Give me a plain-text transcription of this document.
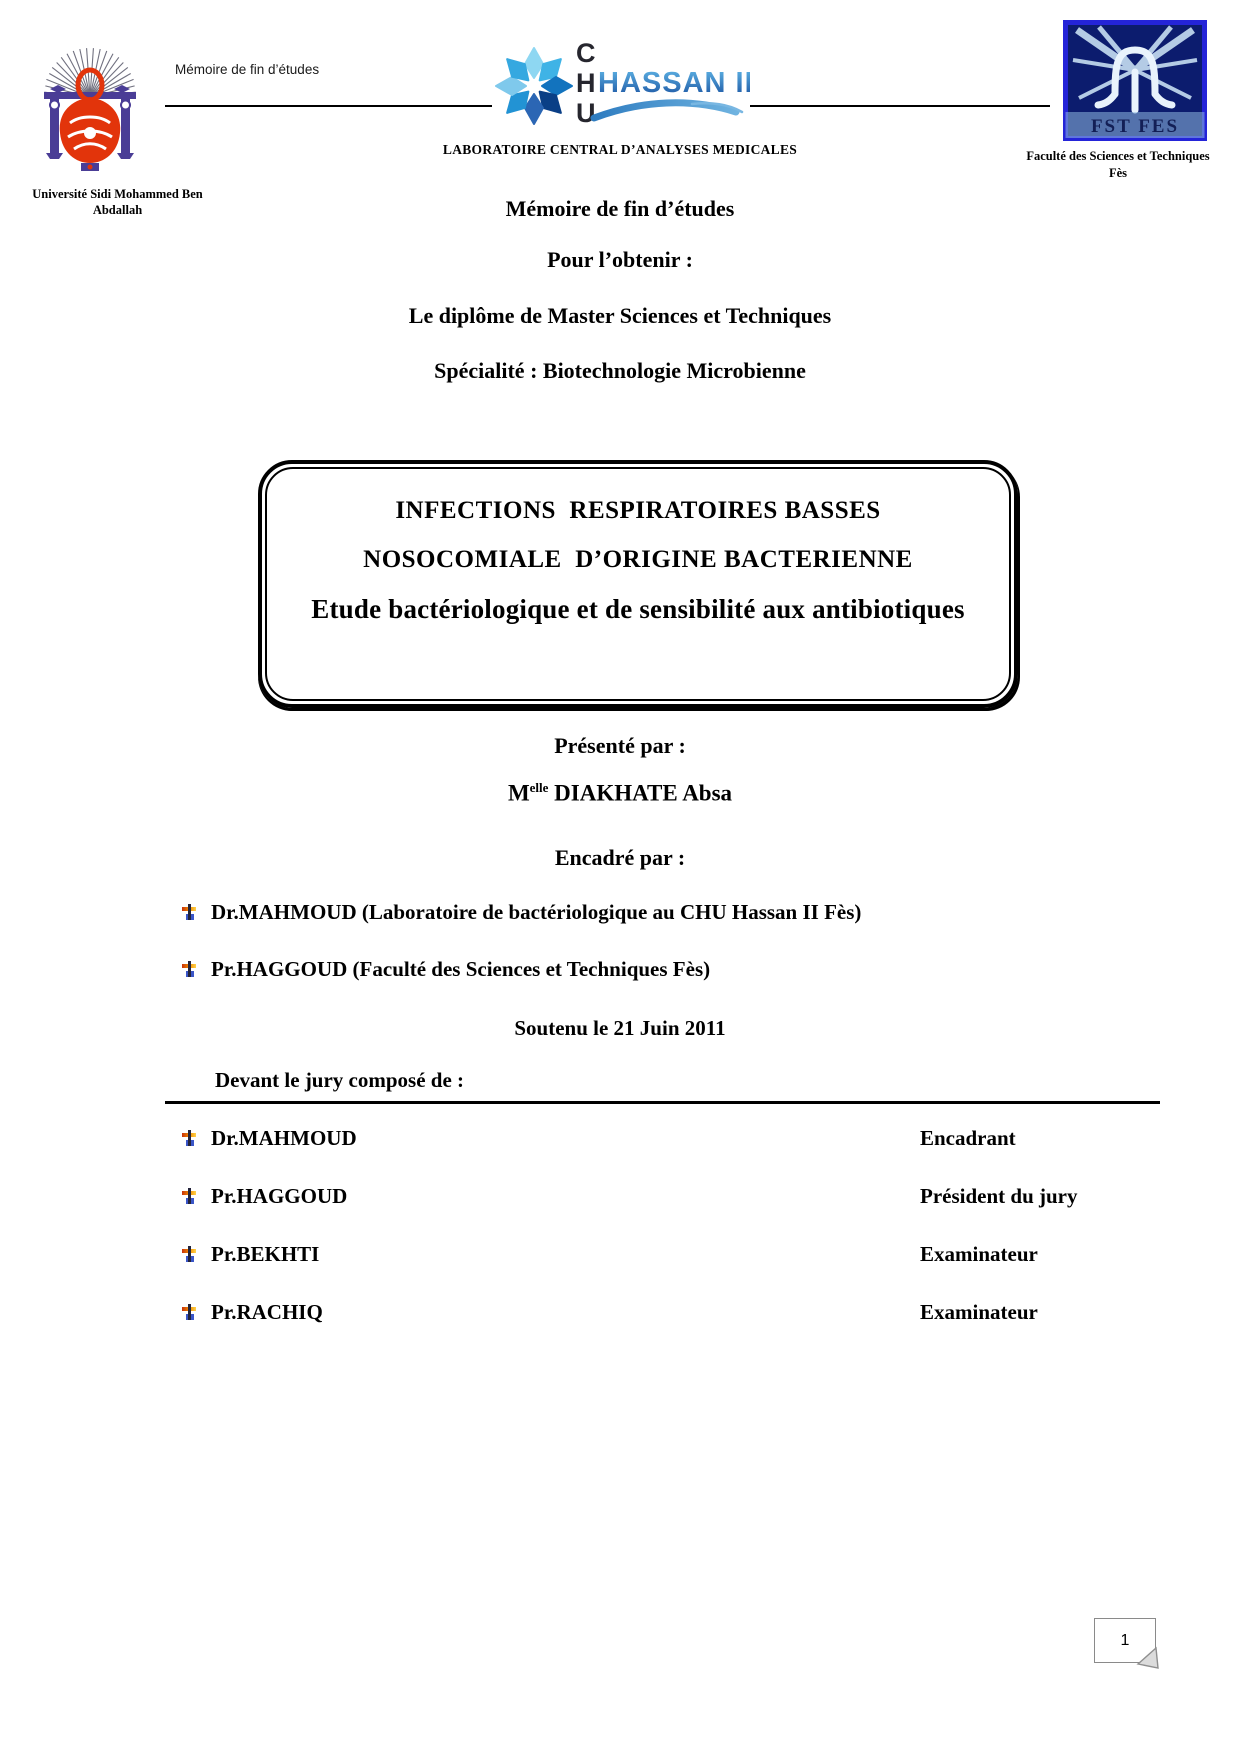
Mémoire de fin d’études
Université Sidi Mohammed Ben
Abdallah
C
H
U
HASSAN II
LABORATOIRE CENTRAL D’ANALYSES MEDICALES
FST FES
Faculté des Sciences et Techniques
Fès
Mémoire de fin d’études
Pour l’obtenir :
Le diplôme de Master Sciences et Techniques
Spécialité : Biotechnologie Microbienne
INFECTIONS  RESPIRATOIRES BASSES
NOSOCOMIALE  D’ORIGINE BACTERIENNE
Etude bactériologique et de sensibilité aux antibiotiques
Présenté par :
$M^{elle}$ DIAKHATE Absa
Encadré par :
Dr.MAHMOUD (Laboratoire de bactériologique au CHU Hassan II Fès)
Pr.HAGGOUD (Faculté des Sciences et Techniques Fès)
Soutenu le 21 Juin 2011
Devant le jury composé de :
Dr.MAHMOUD	Encadrant
Pr.HAGGOUD	Président du jury
Pr.BEKHTI	Examinateur
Pr.RACHIQ	Examinateur
1
